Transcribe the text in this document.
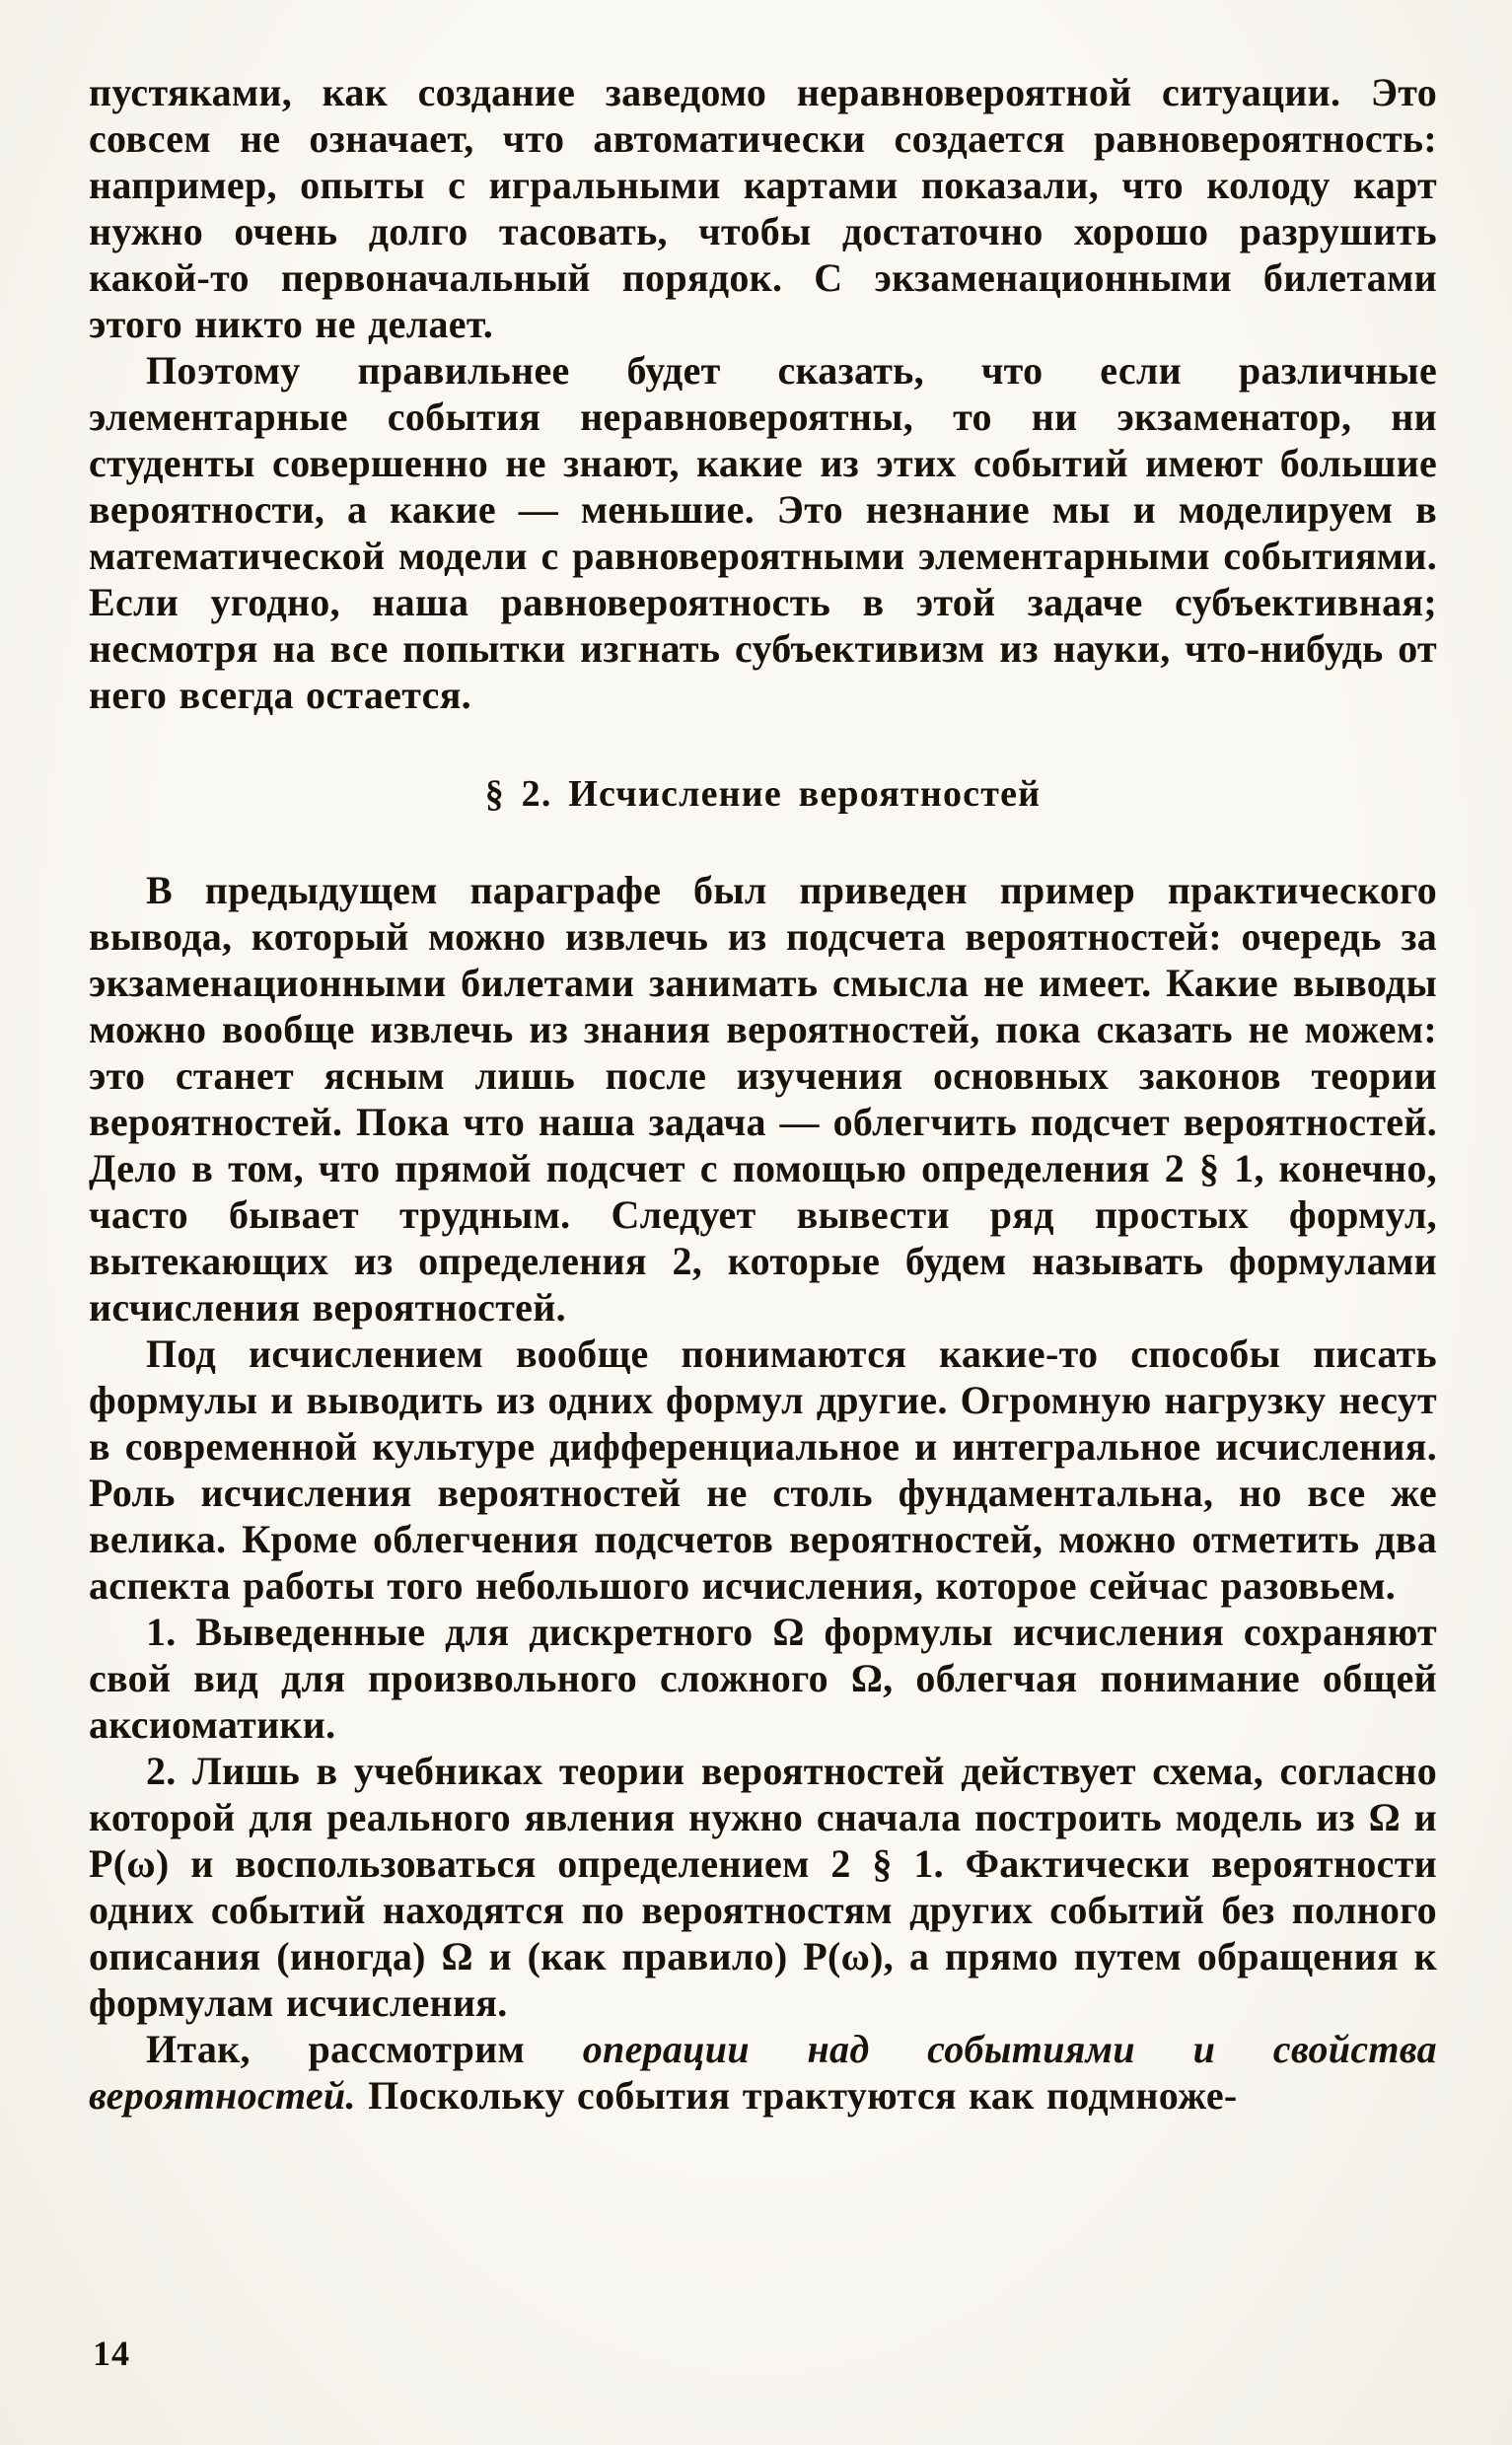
пустяками, как создание заведомо неравновероятной ситуации. Это совсем не означает, что автоматически создается равновероятность: например, опыты с игральными картами показали, что колоду карт нужно очень долго тасовать, чтобы достаточно хорошо разрушить какой-то первоначальный порядок. С экзаменационными билетами этого никто не делает.

Поэтому правильнее будет сказать, что если различные элементарные события неравновероятны, то ни экзаменатор, ни студенты совершенно не знают, какие из этих событий имеют большие вероятности, а какие — меньшие. Это незнание мы и моделируем в математической модели с равновероятными элементарными событиями. Если угодно, наша равновероятность в этой задаче субъективная; несмотря на все попытки изгнать субъективизм из науки, что-нибудь от него всегда остается.

§ 2. Исчисление вероятностей

В предыдущем параграфе был приведен пример практического вывода, который можно извлечь из подсчета вероятностей: очередь за экзаменационными билетами занимать смысла не имеет. Какие выводы можно вообще извлечь из знания вероятностей, пока сказать не можем: это станет ясным лишь после изучения основных законов теории вероятностей. Пока что наша задача — облегчить подсчет вероятностей. Дело в том, что прямой подсчет с помощью определения 2 § 1, конечно, часто бывает трудным. Следует вывести ряд простых формул, вытекающих из определения 2, которые будем называть формулами исчисления вероятностей.

Под исчислением вообще понимаются какие-то способы писать формулы и выводить из одних формул другие. Огромную нагрузку несут в современной культуре дифференциальное и интегральное исчисления. Роль исчисления вероятностей не столь фундаментальна, но все же велика. Кроме облегчения подсчетов вероятностей, можно отметить два аспекта работы того небольшого исчисления, которое сейчас разовьем.

1. Выведенные для дискретного Ω формулы исчисления сохраняют свой вид для произвольного сложного Ω, облегчая понимание общей аксиоматики.

2. Лишь в учебниках теории вероятностей действует схема, согласно которой для реального явления нужно сначала построить модель из Ω и P(ω) и воспользоваться определением 2 § 1. Фактически вероятности одних событий находятся по вероятностям других событий без полного описания (иногда) Ω и (как правило) P(ω), а прямо путем обращения к формулам исчисления.

Итак, рассмотрим операции над событиями и свойства вероятностей. Поскольку события трактуются как подмноже-

14
